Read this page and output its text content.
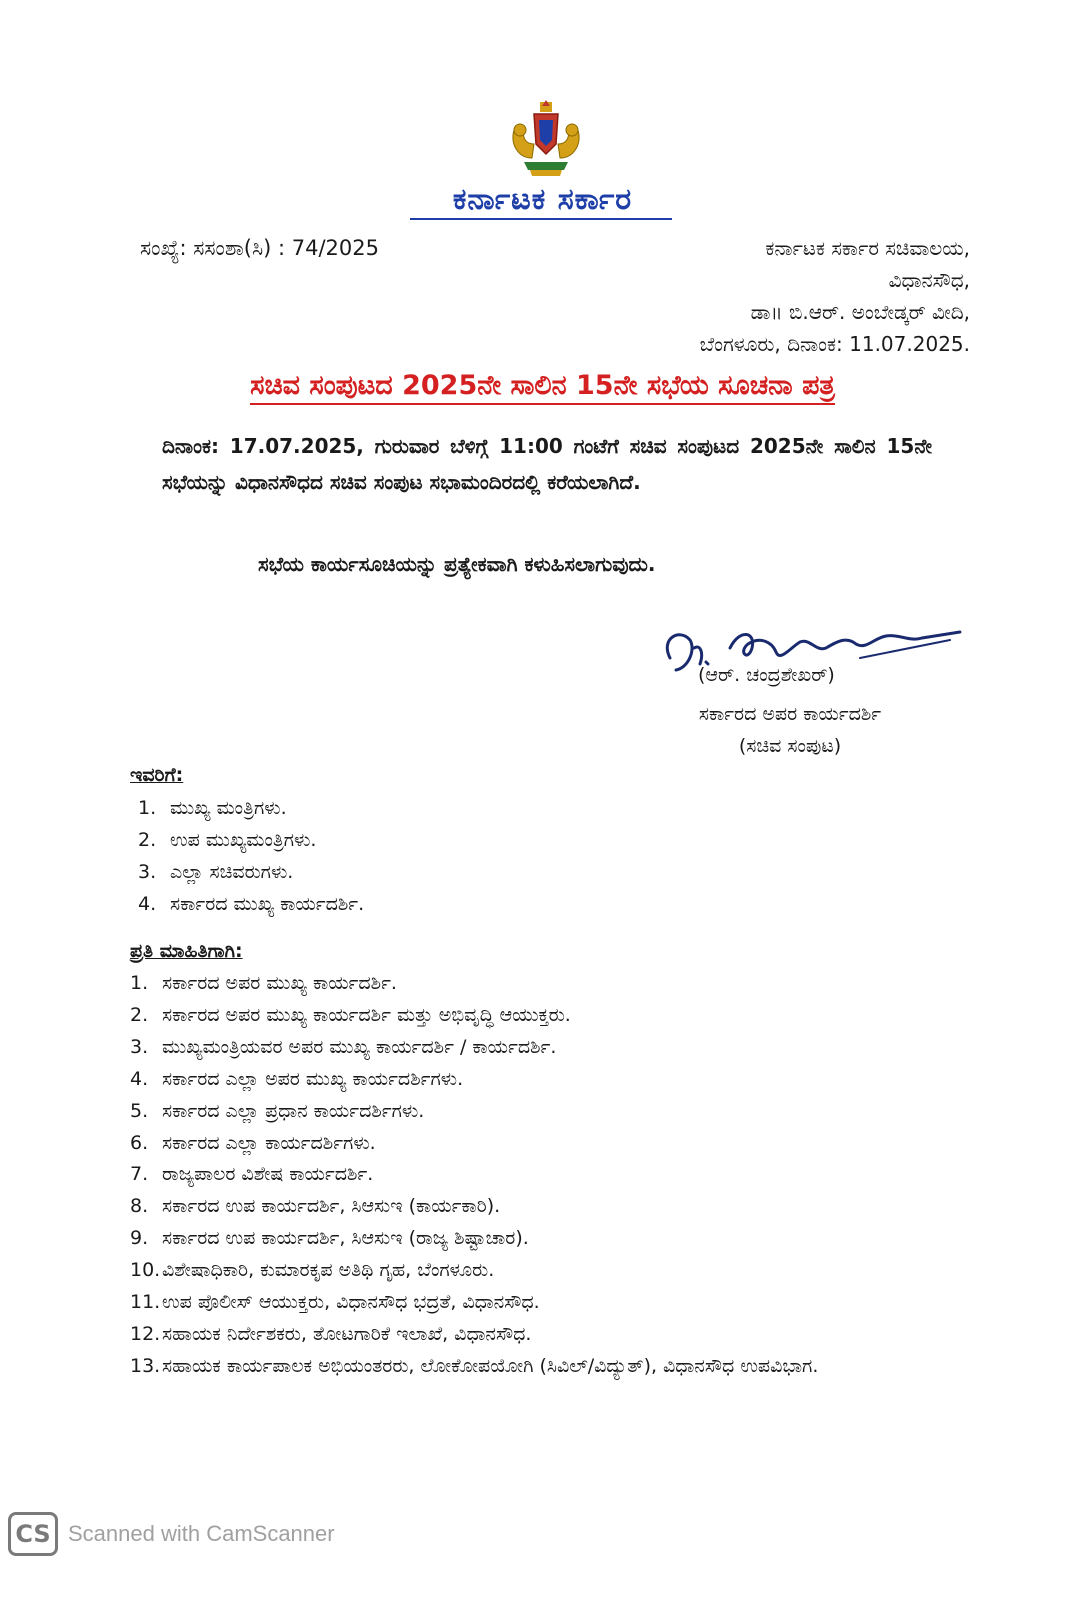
ಕರ್ನಾಟಕ ಸರ್ಕಾರ
ಸಂಖ್ಯೆ: ಸಸಂಶಾ(ಸಿ) : 74/2025	ಕರ್ನಾಟಕ ಸರ್ಕಾರ ಸಚಿವಾಲಯ,
ವಿಧಾನಸೌಧ,
ಡಾ॥ ಬಿ.ಆರ್. ಅಂಬೇಡ್ಕರ್ ವೀದಿ,
ಬೆಂಗಳೂರು, ದಿನಾಂಕ: 11.07.2025.
ಸಚಿವ ಸಂಪುಟದ 2025ನೇ ಸಾಲಿನ 15ನೇ ಸಭೆಯ ಸೂಚನಾ ಪತ್ರ
ದಿನಾಂಕ: 17.07.2025, ಗುರುವಾರ ಬೆಳಿಗ್ಗೆ 11:00 ಗಂಟೆಗೆ ಸಚಿವ ಸಂಪುಟದ 2025ನೇ ಸಾಲಿನ 15ನೇ ಸಭೆಯನ್ನು ವಿಧಾನಸೌಧದ ಸಚಿವ ಸಂಪುಟ ಸಭಾಮಂದಿರದಲ್ಲಿ ಕರೆಯಲಾಗಿದೆ.
ಸಭೆಯ ಕಾರ್ಯಸೂಚಿಯನ್ನು ಪ್ರತ್ಯೇಕವಾಗಿ ಕಳುಹಿಸಲಾಗುವುದು.
(ಆರ್. ಚಂದ್ರಶೇಖರ್)
ಸರ್ಕಾರದ ಅಪರ ಕಾರ್ಯದರ್ಶಿ
(ಸಚಿವ ಸಂಪುಟ)
ಇವರಿಗೆ:
1. ಮುಖ್ಯ ಮಂತ್ರಿಗಳು.
2. ಉಪ ಮುಖ್ಯಮಂತ್ರಿಗಳು.
3. ಎಲ್ಲಾ ಸಚಿವರುಗಳು.
4. ಸರ್ಕಾರದ ಮುಖ್ಯ ಕಾರ್ಯದರ್ಶಿ.
ಪ್ರತಿ ಮಾಹಿತಿಗಾಗಿ:
1. ಸರ್ಕಾರದ ಅಪರ ಮುಖ್ಯ ಕಾರ್ಯದರ್ಶಿ.
2. ಸರ್ಕಾರದ ಅಪರ ಮುಖ್ಯ ಕಾರ್ಯದರ್ಶಿ ಮತ್ತು ಅಭಿವೃದ್ಧಿ ಆಯುಕ್ತರು.
3. ಮುಖ್ಯಮಂತ್ರಿಯವರ ಅಪರ ಮುಖ್ಯ ಕಾರ್ಯದರ್ಶಿ / ಕಾರ್ಯದರ್ಶಿ.
4. ಸರ್ಕಾರದ ಎಲ್ಲಾ ಅಪರ ಮುಖ್ಯ ಕಾರ್ಯದರ್ಶಿಗಳು.
5. ಸರ್ಕಾರದ ಎಲ್ಲಾ ಪ್ರಧಾನ ಕಾರ್ಯದರ್ಶಿಗಳು.
6. ಸರ್ಕಾರದ ಎಲ್ಲಾ ಕಾರ್ಯದರ್ಶಿಗಳು.
7. ರಾಜ್ಯಪಾಲರ ವಿಶೇಷ ಕಾರ್ಯದರ್ಶಿ.
8. ಸರ್ಕಾರದ ಉಪ ಕಾರ್ಯದರ್ಶಿ, ಸಿಆಸುಇ (ಕಾರ್ಯಕಾರಿ).
9. ಸರ್ಕಾರದ ಉಪ ಕಾರ್ಯದರ್ಶಿ, ಸಿಆಸುಇ (ರಾಜ್ಯ ಶಿಷ್ಟಾಚಾರ).
10. ವಿಶೇಷಾಧಿಕಾರಿ, ಕುಮಾರಕೃಪ ಅತಿಥಿ ಗೃಹ, ಬೆಂಗಳೂರು.
11. ಉಪ ಪೊಲೀಸ್ ಆಯುಕ್ತರು, ವಿಧಾನಸೌಧ ಭದ್ರತೆ, ವಿಧಾನಸೌಧ.
12. ಸಹಾಯಕ ನಿರ್ದೇಶಕರು, ತೋಟಗಾರಿಕೆ ಇಲಾಖೆ, ವಿಧಾನಸೌಧ.
13. ಸಹಾಯಕ ಕಾರ್ಯಪಾಲಕ ಅಭಿಯಂತರರು, ಲೋಕೋಪಯೋಗಿ (ಸಿವಿಲ್/ವಿದ್ಯುತ್), ವಿಧಾನಸೌಧ ಉಪವಿಭಾಗ.
CS Scanned with CamScanner
